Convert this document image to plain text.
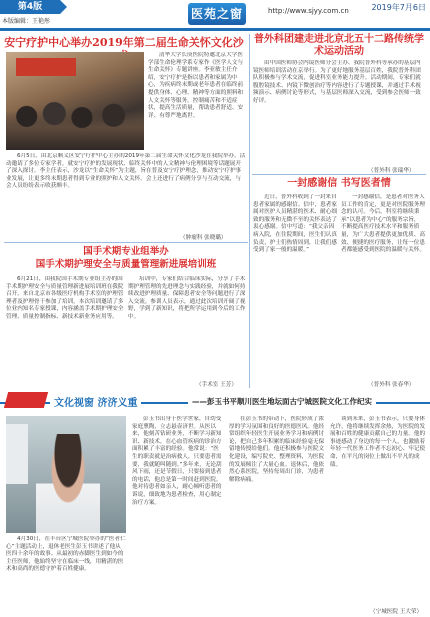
第4版
本版编辑：王艳彤
医苑之窗	http://www.sjyy.com.cn	2019年7月6日
安宁疗护中心举办2019年第二届生命关怀文化沙
清华大学长庚医院特邀北京大学医学部生命伦理学系专家作《医学人文与生命关怀》专题讲座。李亚敏主任介绍，安宁疗护是指以患者和家属为中心，为疾病终末期或老年患者在临终前提供身体、心理、精神等方面的照料和人文关怀等服务，控制痛苦和不适症状，提高生活质量，帮助患者舒适、安详、有尊严地离世。
6月5日，由北京顺义区安宁疗护中心主办的2019年第二届生命关怀文化沙龙在我院举办。活动邀请了多位专家学者，就安宁疗护的发展现状、临终关怀中的人文精神与伦理困境等话题展开了深入探讨。李主任表示，沙龙以“生命关怀”为主题，旨在普及安宁疗护理念，推动安宁疗护事业发展，让更多终末期患者得到专业的照护和人文关怀。会上还进行了病例分享与互动交流，与会人员纷纷表示收获颇丰。
（肿瘤科 张晓璐）
普外科团建走进北京北五十二路传统学术运动活动
由中国医师协会内镜医师分会主办、我院普外科等承办的基层内镜医师培训活动在京举行。为了更好地服务基层百姓，我院普外科团队积极参与学术交流，促进科室业务能力提升。活动期间，专家们就腹腔镜技术、内镜下微创治疗等内容进行了专题授课，并通过手术视频演示、病例讨论等形式，与基层医师深入交流，受到参会医师一致好评。
（普外科 张瑞华）
一封感谢信 书写医者情
近日，普外科收到了一封来自患者家属的感谢信。信中，患者家属对医护人员精湛的医术、耐心细致的服务和无微不至的关怀表达了衷心感谢。信中写道：“我父亲因病入院，在住院期间，医生们认真负责，护士们热情周到，让我们感受到了家一般的温暖。”
一封感谢信，是患者对医务人员工作的肯定，更是对医院服务理念的认可。今后，科室将继续秉承“以患者为中心”的服务宗旨，不断提高医疗技术水平和服务质量，为广大患者提供更加优质、高效、便捷的医疗服务，让每一位患者都能感受到医院的温暖与关怀。
（普外科 张春华）
国手术期专业组举办
国手术期护理安全与质量管理新进展培训班
6月21日，由我院国手术期专业组主办的国手术期护理安全与质量管理新进展培训班在我院召开。来自北京市各级医疗机构手术室的护理管理者及护理骨干参加了培训。本次培训邀请了多位业内知名专家授课，内容涵盖手术期护理安全管理、质量控制指标、新技术新业务应用等。
培训中，专家们结合临床实际，分享了手术期护理管理的先进理念与实践经验，并就如何持续改进护理质量、保障患者安全等问题进行了深入交流。参训人员表示，通过此次培训开阔了视野，学到了新知识，将把所学运用到今后的工作中。
（手术室 王芳）
文化视窗 济济义重	——彭玉书平顺川医生地坛面古宁城医院文化工作纪实
4月30日，在丰台区宁城医院举办的“医者仁心”主题活动上，退休老医生彭玉书讲述了他从医四十余年的故事。从最初的赤脚医生到如今的主任医师，他始终坚守在临床一线，用精湛的医术和高尚的医德守护着百姓健康。
彭玉书出身于医学世家，自幼受家庭熏陶，立志悬壶济世。从医以来，他刻苦钻研业务，不断学习新知识、新技术，在心血管疾病的诊治方面积累了丰富的经验。他常说：“医生的职责就是治病救人，只要患者需要，我就随叫随到。”多年来，无论刮风下雨，还是节假日，只要接到患者的电话，他总是第一时间赶到医院。他对待患者如亲人，耐心倾听患者的诉说，细致地为患者检查，用心制定治疗方案。
在彭玉书的带动下，医院形成了浓厚的学习氛围和良好的医德医风。他经常组织年轻医生开展业务学习和病例讨论，把自己多年积累的临床经验毫无保留地传授给他们。他还积极参与医院文化建设，编写院史、整理资料，为医院的发展倾注了大量心血。退休后，他依然心系医院，坚持每周出门诊，为患者解除病痛。
谈到未来，彭玉书表示，只要身体允许，他将继续发挥余热，为医院的发展和百姓的健康贡献自己的力量。他的事迹感动了身边的每一个人，也激励着年轻一代医务工作者不忘初心、牢记使命，在平凡的岗位上做出不平凡的成绩。
（宁城医院 王大荣）
